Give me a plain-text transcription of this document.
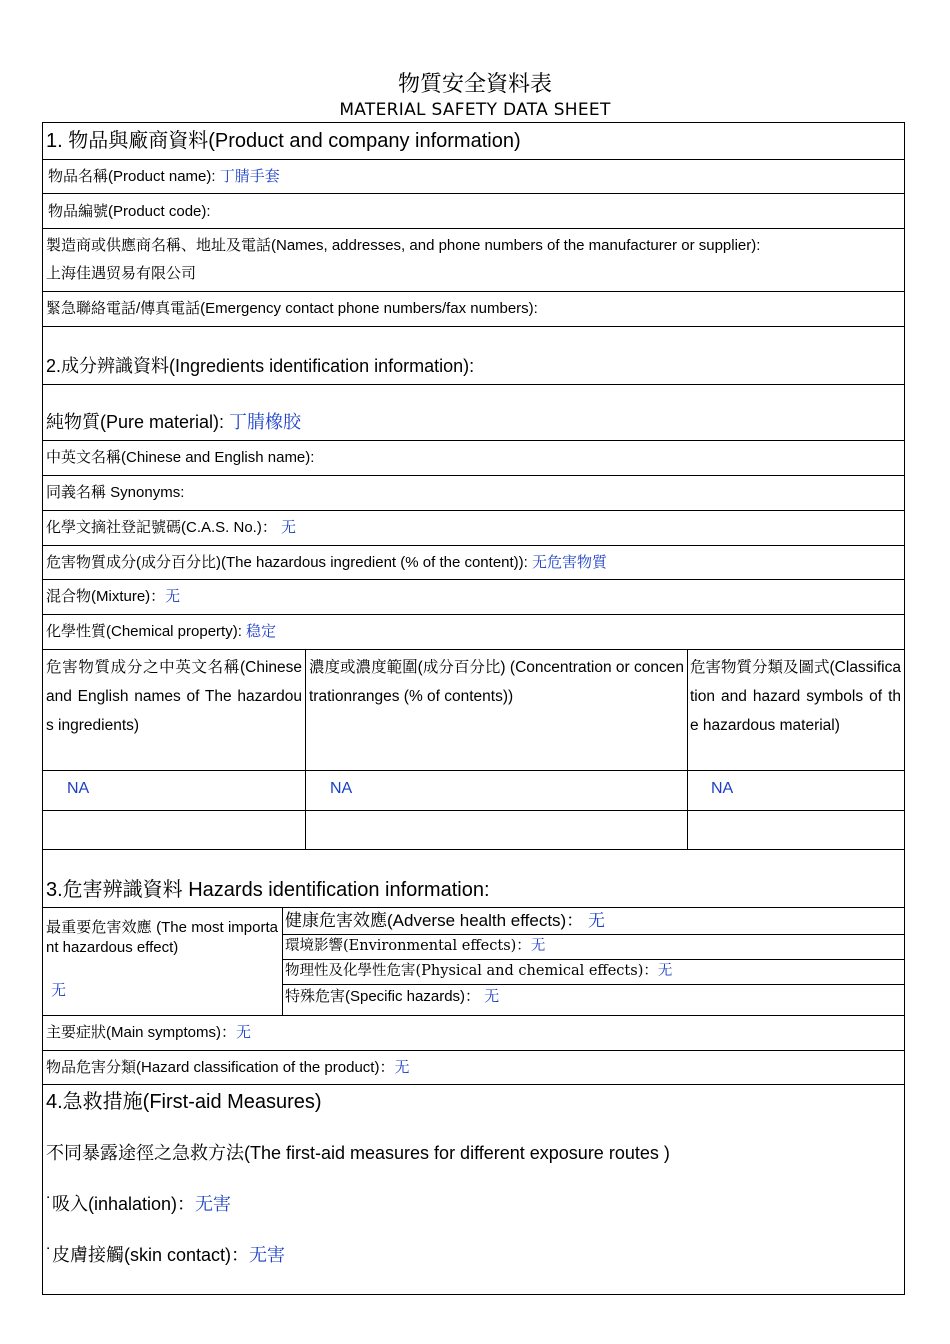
物質安全資料表
MATERIAL SAFETY DATA SHEET
1. 物品與廠商資料(Product and company information)
物品名稱(Product name): 丁腈手套
物品編號(Product code):
製造商或供應商名稱、地址及電話(Names, addresses, and phone numbers of the manufacturer or supplier):
上海佳遇贸易有限公司
緊急聯絡電話/傳真電話(Emergency contact phone numbers/fax numbers):
2.成分辨識資料(Ingredients identification information):
純物質(Pure material): 丁腈橡胶
中英文名稱(Chinese and English name):
同義名稱 Synonyms:
化學文摘社登記號碼(C.A.S. No.)： 无
危害物質成分(成分百分比)(The hazardous ingredient (% of the content)): 无危害物質
混合物(Mixture)：无
化學性質(Chemical property): 稳定
危害物質成分之中英文名稱(Chinese and English names of The hazardous ingredients)
濃度或濃度範圍(成分百分比) (Concentration or concentrationranges (% of contents))
危害物質分類及圖式(Classification and hazard symbols of the hazardous material)
NA	NA	NA
3.危害辨識資料 Hazards identification information:
最重要危害效應 (The most important hazardous effect)
无
健康危害效應(Adverse health effects)： 无
環境影響(Environmental effects)：无
物理性及化學性危害(Physical and chemical effects)：无
特殊危害(Specific hazards)： 无
主要症狀(Main symptoms)：无
物品危害分類(Hazard classification of the product)：无
4.急救措施(First-aid Measures)
不同暴露途徑之急救方法(The first-aid measures for different exposure routes )
˙吸入(inhalation)：无害
˙皮膚接觸(skin contact)：无害
